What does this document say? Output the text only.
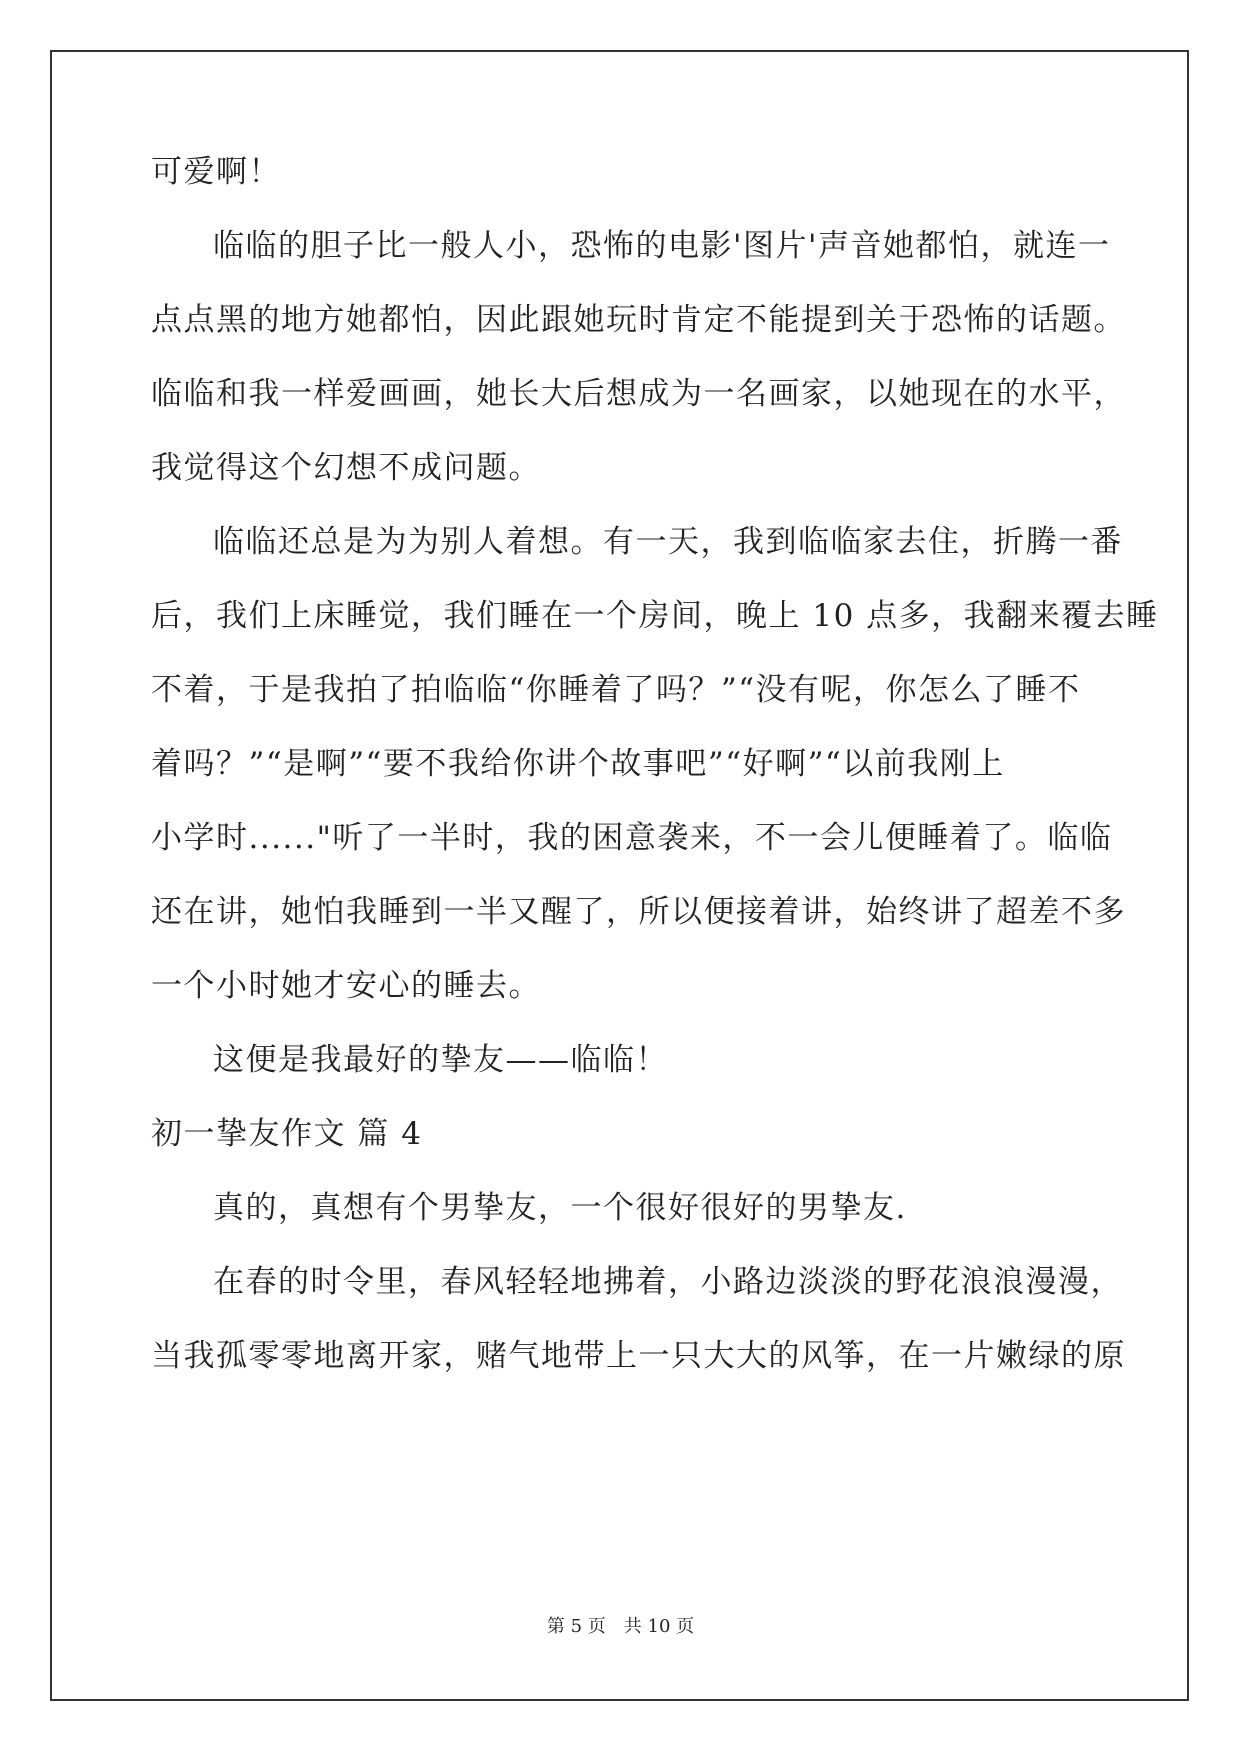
可爱啊！
临临的胆子比一般人小，恐怖的电影'图片'声音她都怕，就连一
点点黑的地方她都怕，因此跟她玩时肯定不能提到关于恐怖的话题。
临临和我一样爱画画，她长大后想成为一名画家，以她现在的水平，
我觉得这个幻想不成问题。
临临还总是为为别人着想。有一天，我到临临家去住，折腾一番
后，我们上床睡觉，我们睡在一个房间，晚上 10 点多，我翻来覆去睡
不着，于是我拍了拍临临“你睡着了吗？”“没有呢，你怎么了睡不
着吗？”“是啊”“要不我给你讲个故事吧”“好啊”“以前我刚上
小学时......"听了一半时，我的困意袭来，不一会儿便睡着了。临临
还在讲，她怕我睡到一半又醒了，所以便接着讲，始终讲了超差不多
一个小时她才安心的睡去。
这便是我最好的挚友——临临！
初一挚友作文 篇 4
真的，真想有个男挚友，一个很好很好的男挚友.
在春的时令里，春风轻轻地拂着，小路边淡淡的野花浪浪漫漫，
当我孤零零地离开家，赌气地带上一只大大的风筝，在一片嫩绿的原
第 5 页　共 10 页
